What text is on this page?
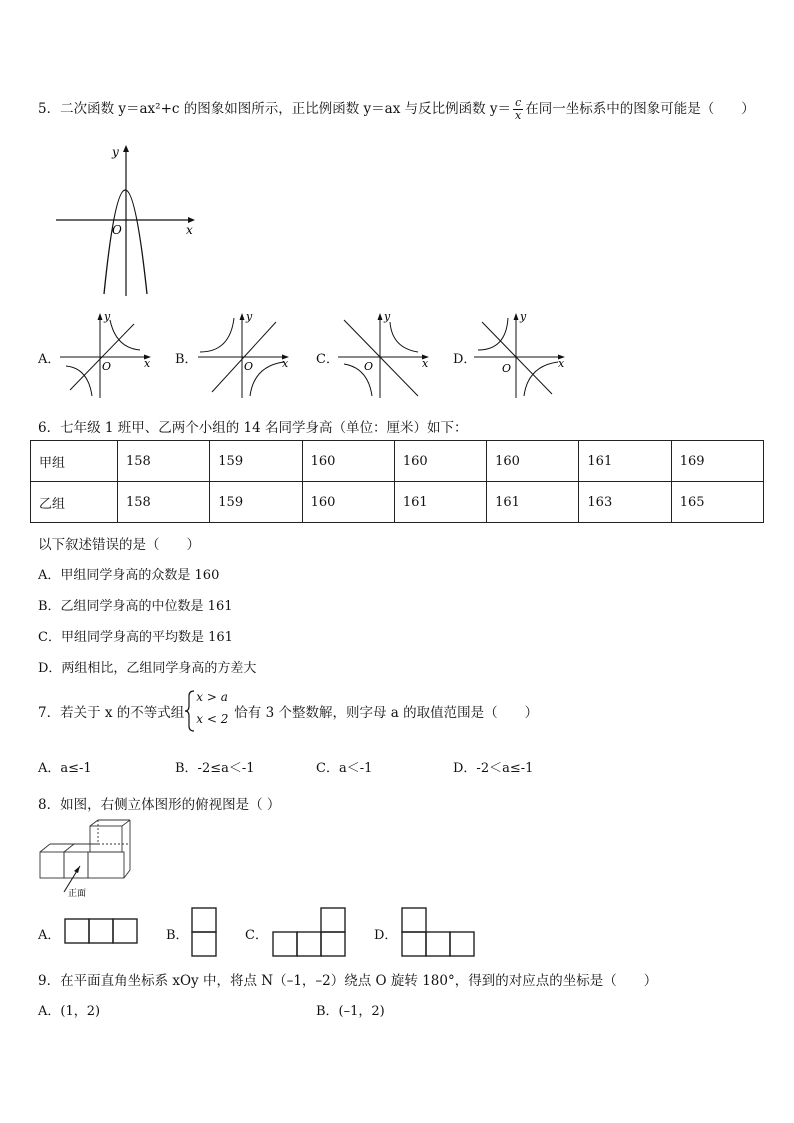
5．二次函数 y＝ax²+c 的图象如图所示，正比例函数 y＝ax 与反比例函数 $y= \frac{c}{x}$ 在同一坐标系中的图象可能是（　　）
y
x
O
A．
y
x
O	B．
y
x
O	C．
y
x
O	D．
y
x
O
6．七年级 1 班甲、乙两个小组的 14 名同学身高（单位：厘米）如下：
甲组	158	159	160	160	160	161	169
乙组	158	159	160	161	161	163	165
以下叙述错误的是（　　）
A．甲组同学身高的众数是 160
B．乙组同学身高的中位数是 161
C．甲组同学身高的平均数是 161
D．两组相比，乙组同学身高的方差大
7．若关于 x 的不等式组
x > a
x < 2 恰有 3 个整数解，则字母 a 的取值范围是（　　）
A．a≤-1	B．-2≤a＜-1	C．a＜-1	D．-2＜a≤-1
8．如图，右侧立体图形的俯视图是（ ）
正面
A．	B．	C．	D．
9．在平面直角坐标系 xOy 中，将点 N（–1，–2）绕点 O 旋转 180°，得到的对应点的坐标是（　　）
A．(1，2)	B．(–1，2)
